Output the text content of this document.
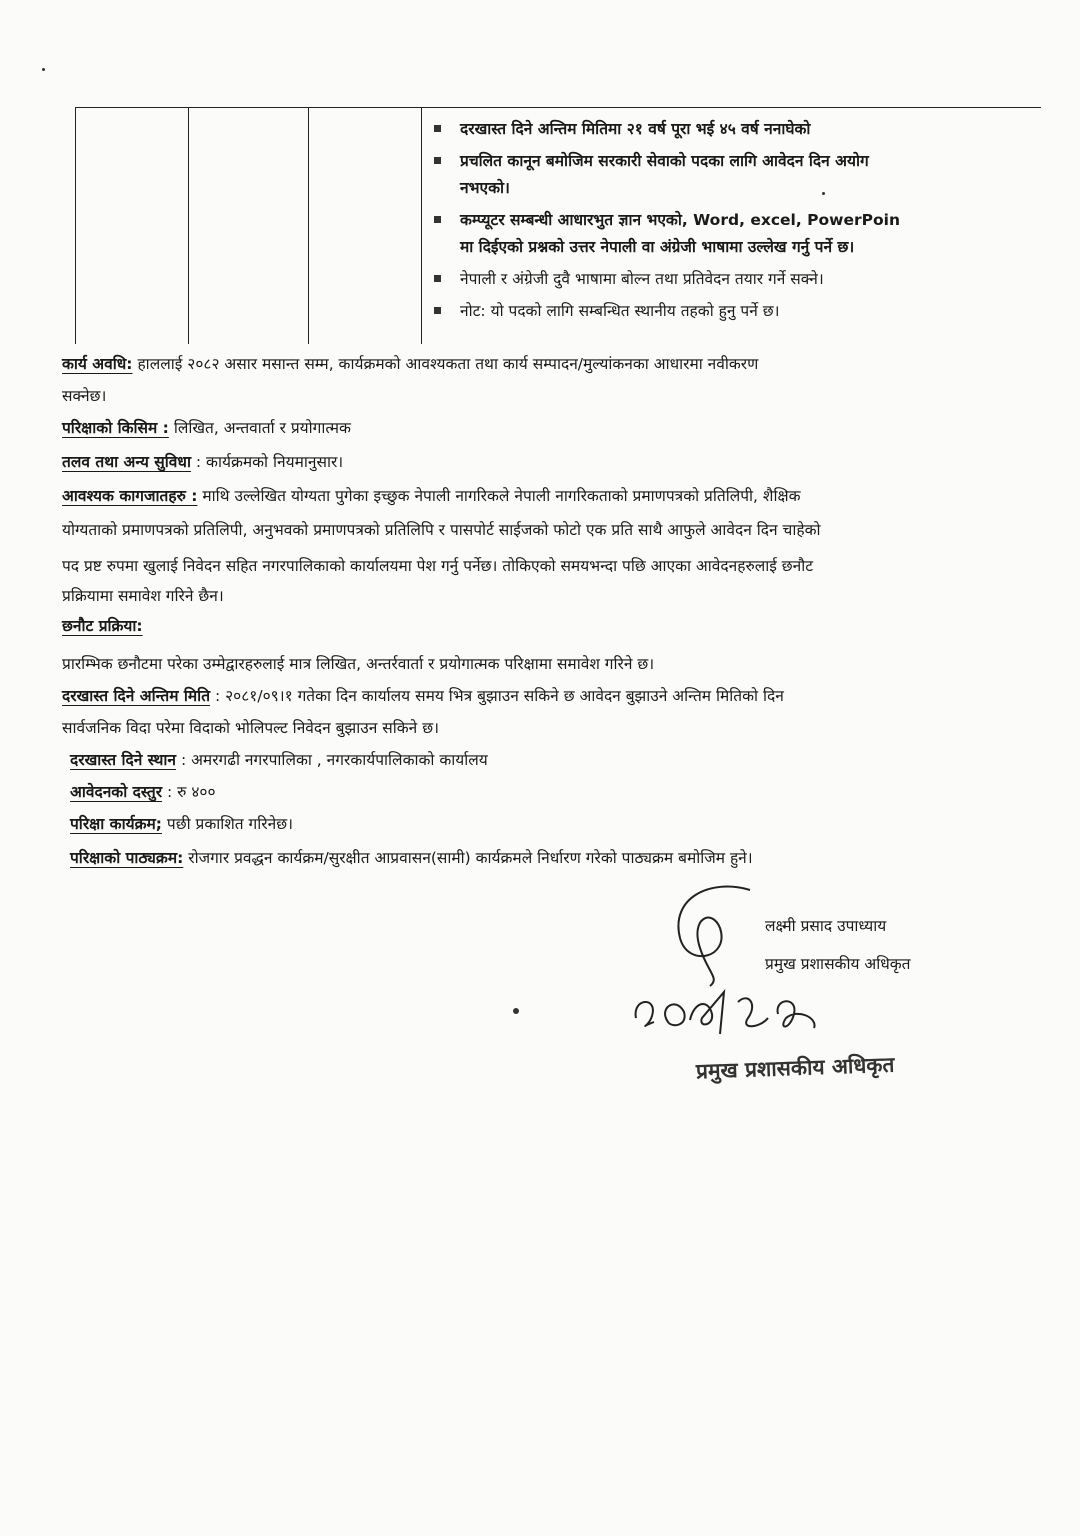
दरखास्त दिने अन्तिम मितिमा २१ वर्ष पूरा भई ४५ वर्ष ननाघेको
प्रचलित कानून बमोजिम सरकारी सेवाको पदका लागि आवेदन दिन अयोग
नभएको।
कम्प्यूटर सम्बन्धी आधारभुत ज्ञान भएको, Word, excel, PowerPoin
मा दिईएको प्रश्नको उत्तर नेपाली वा अंग्रेजी भाषामा उल्लेख गर्नु पर्ने छ।
नेपाली र अंग्रेजी दुवै भाषामा बोल्न तथा प्रतिवेदन तयार गर्ने सक्ने।
नोट: यो पदको लागि सम्बन्धित स्थानीय तहको हुनु पर्ने छ।
कार्य अवधि: हाललाई २०८२ असार मसान्त सम्म, कार्यक्रमको आवश्यकता तथा कार्य सम्पादन/मुल्यांकनका आधारमा नवीकरण
सक्नेछ।
परिक्षाको किसिम : लिखित, अन्तवार्ता र प्रयोगात्मक
तलव तथा अन्य सुविधा : कार्यक्रमको नियमानुसार।
आवश्यक कागजातहरु : माथि उल्लेखित योग्यता पुगेका इच्छुक नेपाली नागरिकले नेपाली नागरिकताको प्रमाणपत्रको प्रतिलिपी, शैक्षिक
योग्यताको प्रमाणपत्रको प्रतिलिपी, अनुभवको प्रमाणपत्रको प्रतिलिपि र पासपोर्ट साईजको फोटो एक प्रति साथै आफुले आवेदन दिन चाहेको
पद प्रष्ट रुपमा खुलाई निवेदन सहित नगरपालिकाको कार्यालयमा पेश गर्नु पर्नेछ। तोकिएको समयभन्दा पछि आएका आवेदनहरुलाई छनौट
प्रक्रियामा समावेश गरिने छैन।
छनौट प्रक्रिया:
प्रारम्भिक छनौटमा परेका उम्मेद्वारहरुलाई मात्र लिखित, अन्तर्रवार्ता र प्रयोगात्मक परिक्षामा समावेश गरिने छ।
दरखास्त दिने अन्तिम मिति : २०८१/०९।१ गतेका दिन कार्यालय समय भित्र बुझाउन सकिने छ आवेदन बुझाउने अन्तिम मितिको दिन
सार्वजनिक विदा परेमा विदाको भोलिपल्ट निवेदन बुझाउन सकिने छ।
दरखास्त दिने स्थान : अमरगढी नगरपालिका , नगरकार्यपालिकाको कार्यालय
आवेदनको दस्तुर : रु ४००
परिक्षा कार्यक्रम; पछी प्रकाशित गरिनेछ।
परिक्षाको पाठ्यक्रम: रोजगार प्रवद्धन कार्यक्रम/सुरक्षीत आप्रवासन(सामी) कार्यक्रमले निर्धारण गरेको पाठ्यक्रम बमोजिम हुने।
लक्ष्मी प्रसाद उपाध्याय
प्रमुख प्रशासकीय अधिकृत
प्रमुख प्रशासकीय अधिकृत
